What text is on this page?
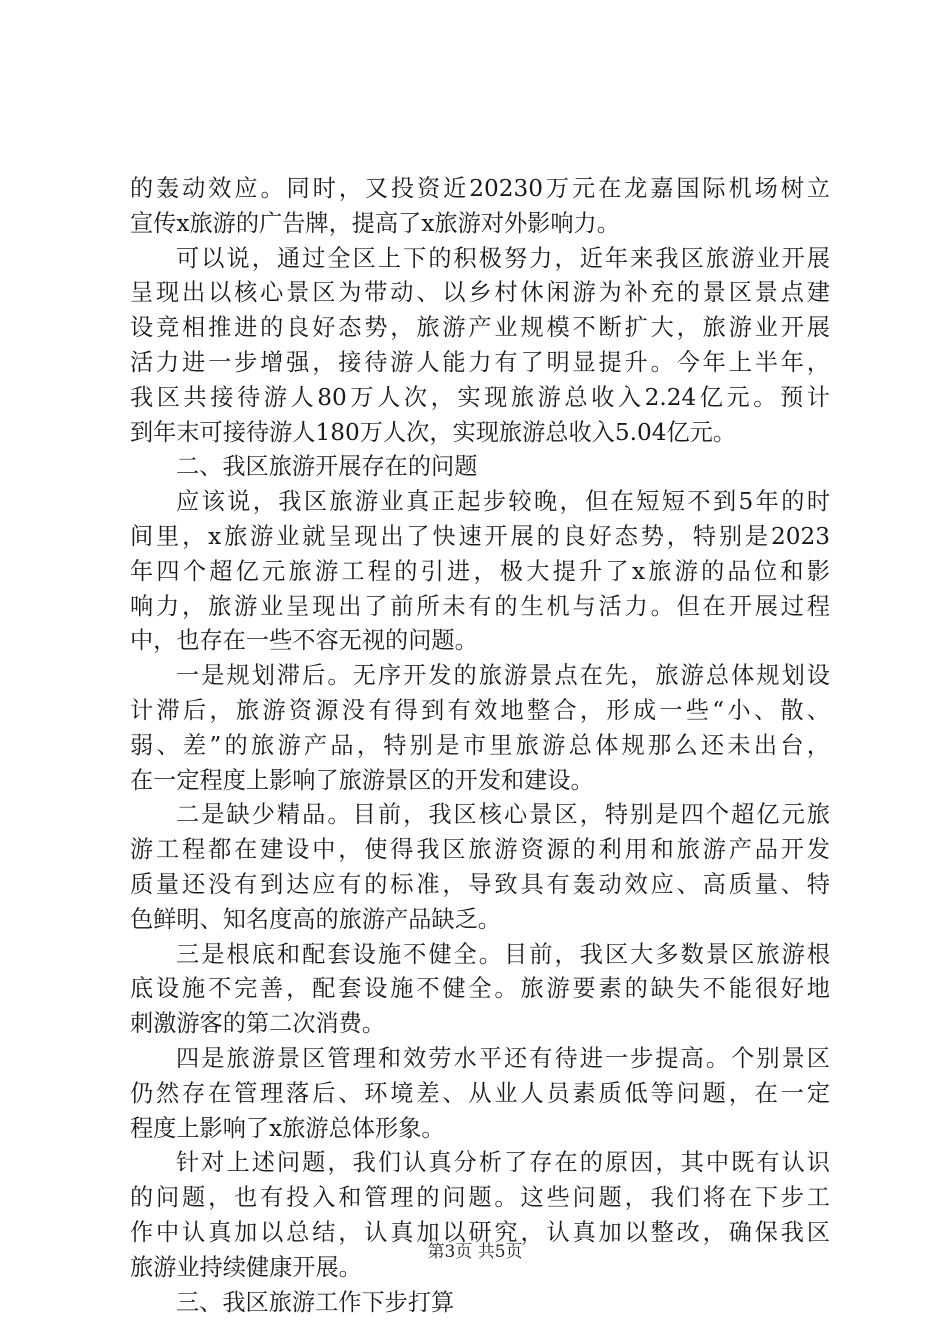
的轰动效应。同时，又投资近20230万元在龙嘉国际机场树立
宣传x旅游的广告牌，提高了x旅游对外影响力。
可以说，通过全区上下的积极努力，近年来我区旅游业开展
呈现出以核心景区为带动、以乡村休闲游为补充的景区景点建
设竞相推进的良好态势，旅游产业规模不断扩大，旅游业开展
活力进一步增强，接待游人能力有了明显提升。今年上半年，
我区共接待游人80万人次，实现旅游总收入2.24亿元。预计
到年末可接待游人180万人次，实现旅游总收入5.04亿元。
二、我区旅游开展存在的问题
应该说，我区旅游业真正起步较晚，但在短短不到5年的时
间里，x旅游业就呈现出了快速开展的良好态势，特别是2023
年四个超亿元旅游工程的引进，极大提升了x旅游的品位和影
响力，旅游业呈现出了前所未有的生机与活力。但在开展过程
中，也存在一些不容无视的问题。
一是规划滞后。无序开发的旅游景点在先，旅游总体规划设
计滞后，旅游资源没有得到有效地整合，形成一些“小、散、
弱、差”的旅游产品，特别是市里旅游总体规那么还未出台，
在一定程度上影响了旅游景区的开发和建设。
二是缺少精品。目前，我区核心景区，特别是四个超亿元旅
游工程都在建设中，使得我区旅游资源的利用和旅游产品开发
质量还没有到达应有的标准，导致具有轰动效应、高质量、特
色鲜明、知名度高的旅游产品缺乏。
三是根底和配套设施不健全。目前，我区大多数景区旅游根
底设施不完善，配套设施不健全。旅游要素的缺失不能很好地
刺激游客的第二次消费。
四是旅游景区管理和效劳水平还有待进一步提高。个别景区
仍然存在管理落后、环境差、从业人员素质低等问题，在一定
程度上影响了x旅游总体形象。
针对上述问题，我们认真分析了存在的原因，其中既有认识
的问题，也有投入和管理的问题。这些问题，我们将在下步工
作中认真加以总结，认真加以研究，认真加以整改，确保我区
旅游业持续健康开展。
三、我区旅游工作下步打算
第3页 共5页
